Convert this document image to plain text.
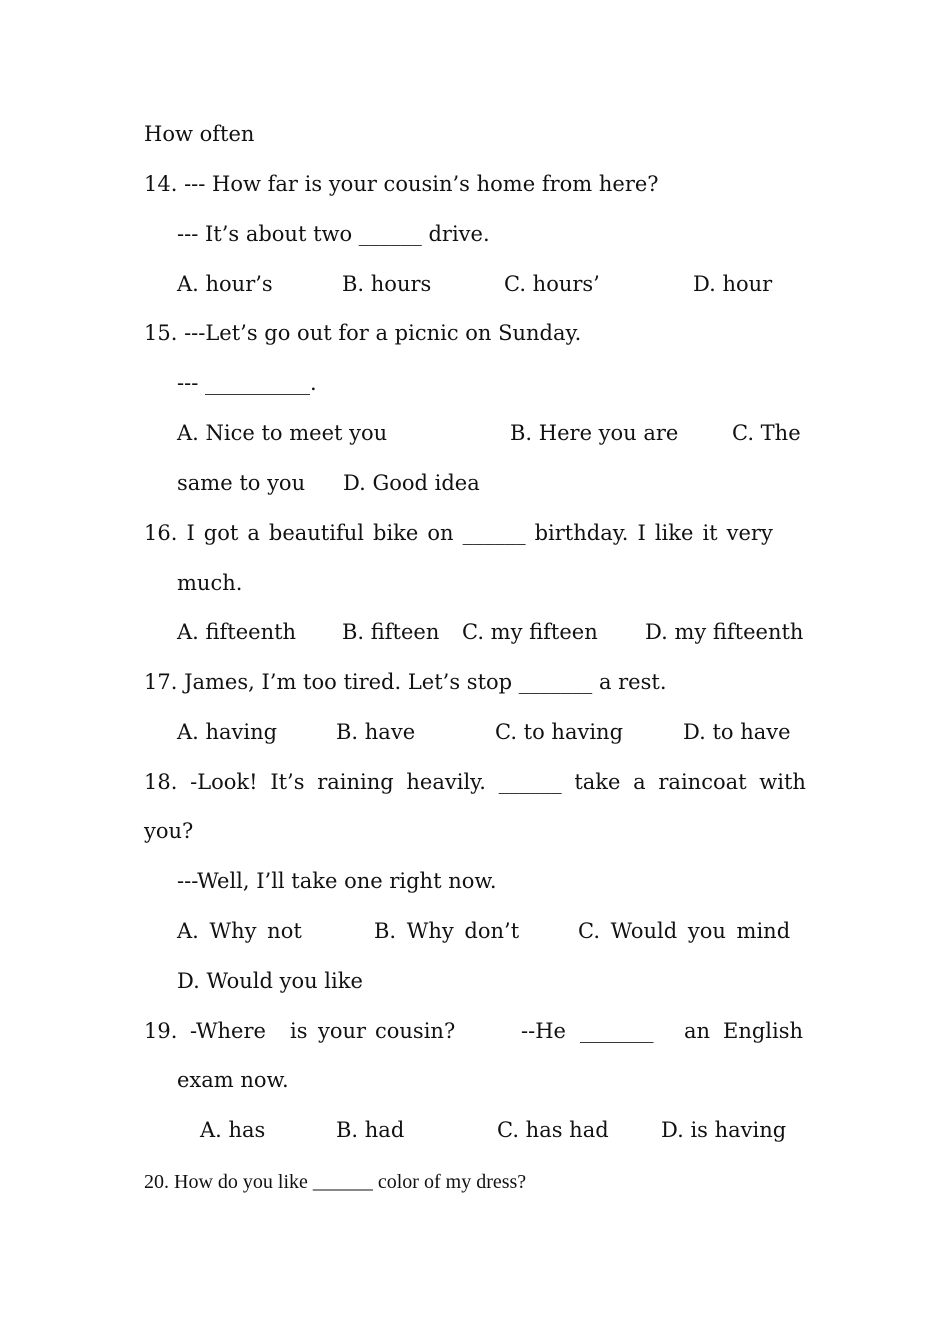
How often

14. --- How far is your cousin’s home from here?

--- It’s about two ______ drive.

A. hour’s	B. hours	C. hours’	D. hour

15. ---Let’s go out for a picnic on Sunday.

--- __________.

A. Nice to meet you	B. Here you are	C. The

same to you D. Good idea

16. I got a beautiful bike on ______ birthday. I like it very

much.

A. fifteenth B. fifteen C. my fifteen D. my fifteenth

17. James, I’m too tired. Let’s stop _______ a rest.

A. having	B. have	C. to having	D. to have

18. -Look! It’s raining heavily. ______ take a raincoat with

you?

---Well, I’ll take one right now.

A. Why not	B. Why don’t	C. Would you mind

D. Would you like

19. -Where is your cousin?	--He _______ an English

exam now.

A. has	B. had	C. has had D. is having

20. How do you like ______ color of my dress?
